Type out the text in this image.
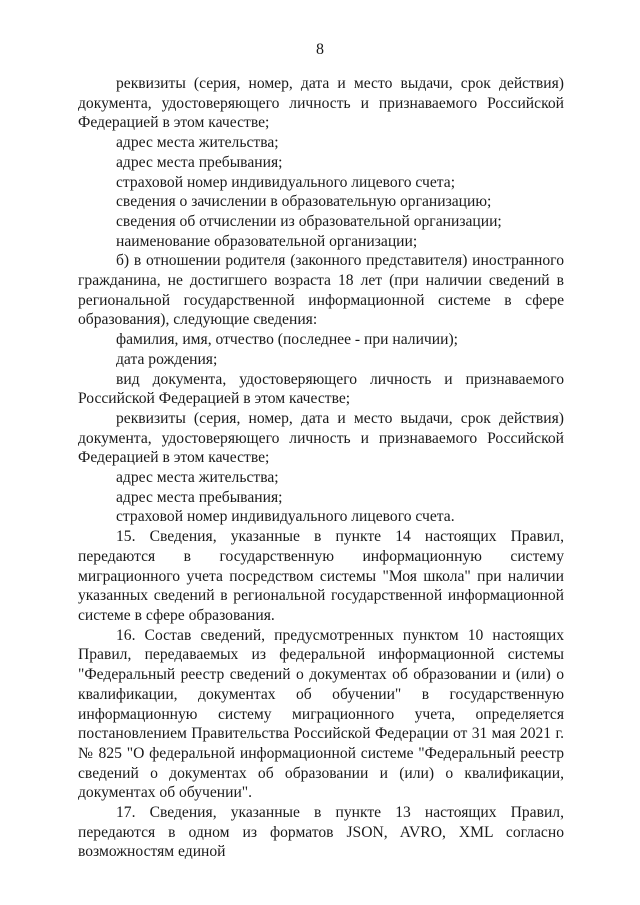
8

реквизиты (серия, номер, дата и место выдачи, срок действия) документа, удостоверяющего личность и признаваемого Российской Федерацией в этом качестве;

адрес места жительства;

адрес места пребывания;

страховой номер индивидуального лицевого счета;

сведения о зачислении в образовательную организацию;

сведения об отчислении из образовательной организации;

наименование образовательной организации;

б) в отношении родителя (законного представителя) иностранного гражданина, не достигшего возраста 18 лет (при наличии сведений в региональной государственной информационной системе в сфере образования), следующие сведения:

фамилия, имя, отчество (последнее - при наличии);

дата рождения;

вид документа, удостоверяющего личность и признаваемого Российской Федерацией в этом качестве;

реквизиты (серия, номер, дата и место выдачи, срок действия) документа, удостоверяющего личность и признаваемого Российской Федерацией в этом качестве;

адрес места жительства;

адрес места пребывания;

страховой номер индивидуального лицевого счета.

15. Сведения, указанные в пункте 14 настоящих Правил, передаются в государственную информационную систему миграционного учета посредством системы "Моя школа" при наличии указанных сведений в региональной государственной информационной системе в сфере образования.

16. Состав сведений, предусмотренных пунктом 10 настоящих Правил, передаваемых из федеральной информационной системы "Федеральный реестр сведений о документах об образовании и (или) о квалификации, документах об обучении" в государственную информационную систему миграционного учета, определяется постановлением Правительства Российской Федерации от 31 мая 2021 г. № 825 "О федеральной информационной системе "Федеральный реестр сведений о документах об образовании и (или) о квалификации, документах об обучении".

17. Сведения, указанные в пункте 13 настоящих Правил, передаются в одном из форматов JSON, AVRO, XML согласно возможностям единой
